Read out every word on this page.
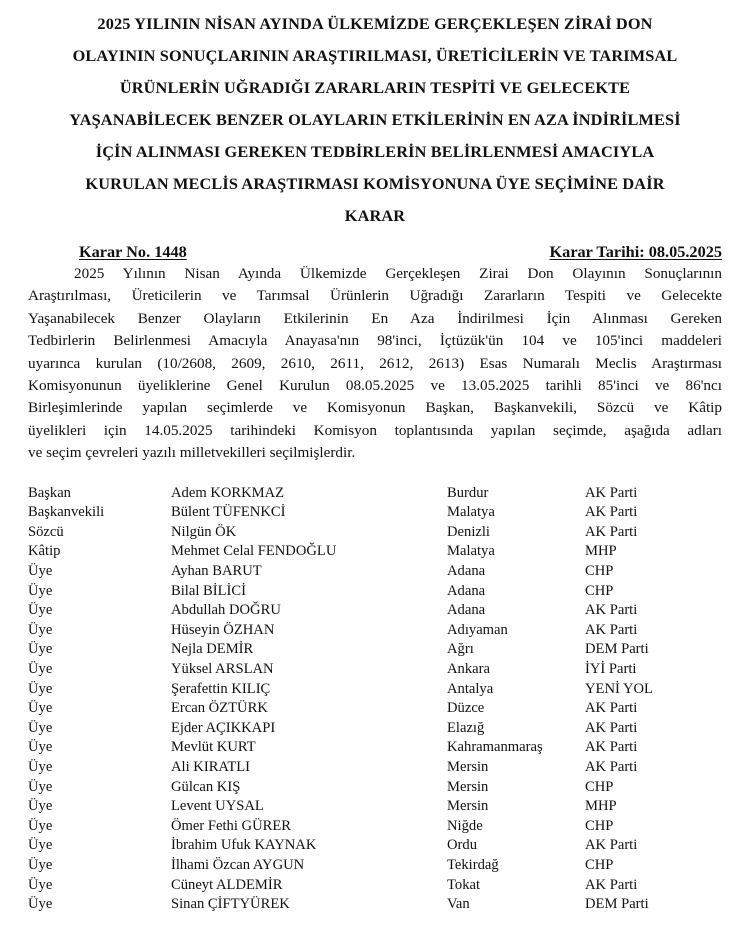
2025 YILININ NİSAN AYINDA ÜLKEMİZDE GERÇEKLEŞEN ZİRAİ DON
OLAYININ SONUÇLARININ ARAŞTIRILMASI, ÜRETİCİLERİN VE TARIMSAL
ÜRÜNLERİN UĞRADIĞI ZARARLARIN TESPİTİ VE GELECEKTE
YAŞANABİLECEK BENZER OLAYLARIN ETKİLERİNİN EN AZA İNDİRİLMESİ
İÇİN ALINMASI GEREKEN TEDBİRLERİN BELİRLENMESİ AMACIYLA
KURULAN MECLİS ARAŞTIRMASI KOMİSYONUNA ÜYE SEÇİMİNE DAİR
KARAR
Karar No. 1448	Karar Tarihi: 08.05.2025
2025 Yılının Nisan Ayında Ülkemizde Gerçekleşen Zirai Don Olayının Sonuçlarının
Araştırılması, Üreticilerin ve Tarımsal Ürünlerin Uğradığı Zararların Tespiti ve Gelecekte
Yaşanabilecek Benzer Olayların Etkilerinin En Aza İndirilmesi İçin Alınması Gereken
Tedbirlerin Belirlenmesi Amacıyla Anayasa'nın 98'inci, İçtüzük'ün 104 ve 105'inci maddeleri
uyarınca kurulan (10/2608, 2609, 2610, 2611, 2612, 2613) Esas Numaralı Meclis Araştırması
Komisyonunun üyeliklerine Genel Kurulun 08.05.2025 ve 13.05.2025 tarihli 85'inci ve 86'ncı
Birleşimlerinde yapılan seçimlerde ve Komisyonun Başkan, Başkanvekili, Sözcü ve Kâtip
üyelikleri için 14.05.2025 tarihindeki Komisyon toplantısında yapılan seçimde, aşağıda adları
ve seçim çevreleri yazılı milletvekilleri seçilmişlerdir.
Başkan	Adem KORKMAZ	Burdur	AK Parti
Başkanvekili	Bülent TÜFENKCİ	Malatya	AK Parti
Sözcü	Nilgün ÖK	Denizli	AK Parti
Kâtip	Mehmet Celal FENDOĞLU	Malatya	MHP
Üye	Ayhan BARUT	Adana	CHP
Üye	Bilal BİLİCİ	Adana	CHP
Üye	Abdullah DOĞRU	Adana	AK Parti
Üye	Hüseyin ÖZHAN	Adıyaman	AK Parti
Üye	Nejla DEMİR	Ağrı	DEM Parti
Üye	Yüksel ARSLAN	Ankara	İYİ Parti
Üye	Şerafettin KILIÇ	Antalya	YENİ YOL
Üye	Ercan ÖZTÜRK	Düzce	AK Parti
Üye	Ejder AÇIKKAPI	Elazığ	AK Parti
Üye	Mevlüt KURT	Kahramanmaraş	AK Parti
Üye	Ali KIRATLI	Mersin	AK Parti
Üye	Gülcan KIŞ	Mersin	CHP
Üye	Levent UYSAL	Mersin	MHP
Üye	Ömer Fethi GÜRER	Niğde	CHP
Üye	İbrahim Ufuk KAYNAK	Ordu	AK Parti
Üye	İlhami Özcan AYGUN	Tekirdağ	CHP
Üye	Cüneyt ALDEMİR	Tokat	AK Parti
Üye	Sinan ÇİFTYÜREK	Van	DEM Parti
